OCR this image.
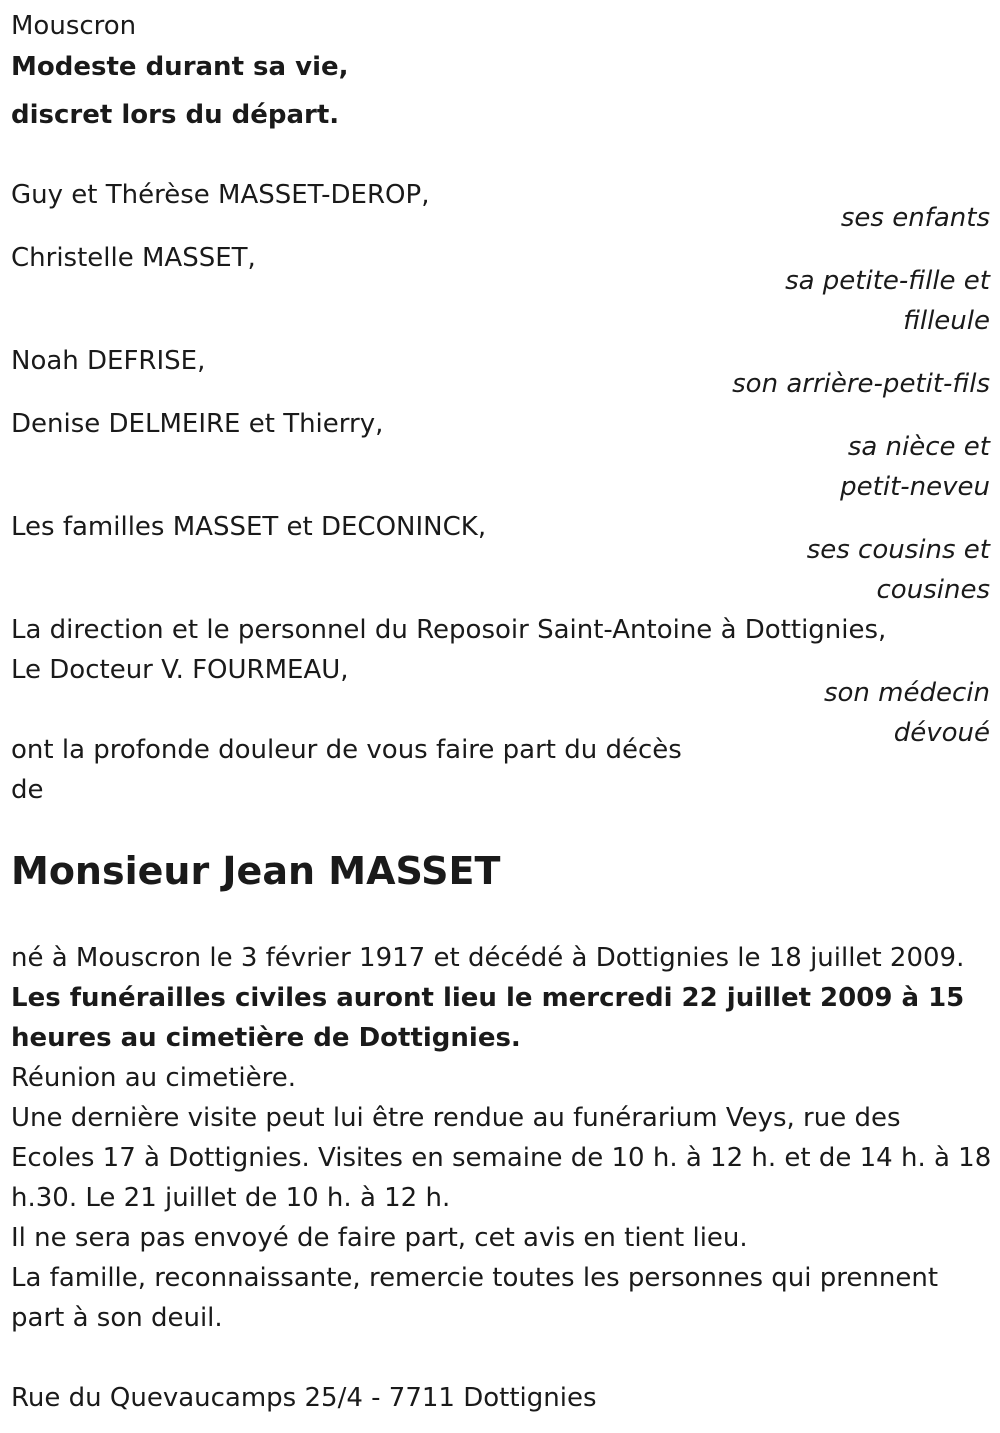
Mouscron
Modeste durant sa vie,
discret lors du départ.
Guy et Thérèse MASSET-DEROP,
ses enfants
Christelle MASSET,
sa petite-fille et
filleule
Noah DEFRISE,
son arrière-petit-fils
Denise DELMEIRE et Thierry,
sa nièce et
petit-neveu
Les familles MASSET et DECONINCK,
ses cousins et
cousines
La direction et le personnel du Reposoir Saint-Antoine à Dottignies,
Le Docteur V. FOURMEAU,
son médecin
dévoué
ont la profonde douleur de vous faire part du décès
de
Monsieur Jean MASSET
né à Mouscron le 3 février 1917 et décédé à Dottignies le 18 juillet 2009.
Les funérailles civiles auront lieu le mercredi 22 juillet 2009 à 15
heures au cimetière de Dottignies.
Réunion au cimetière.
Une dernière visite peut lui être rendue au funérarium Veys, rue des
Ecoles 17 à Dottignies. Visites en semaine de 10 h. à 12 h. et de 14 h. à 18
h.30. Le 21 juillet de 10 h. à 12 h.
Il ne sera pas envoyé de faire part, cet avis en tient lieu.
La famille, reconnaissante, remercie toutes les personnes qui prennent
part à son deuil.
Rue du Quevaucamps 25/4 - 7711 Dottignies
